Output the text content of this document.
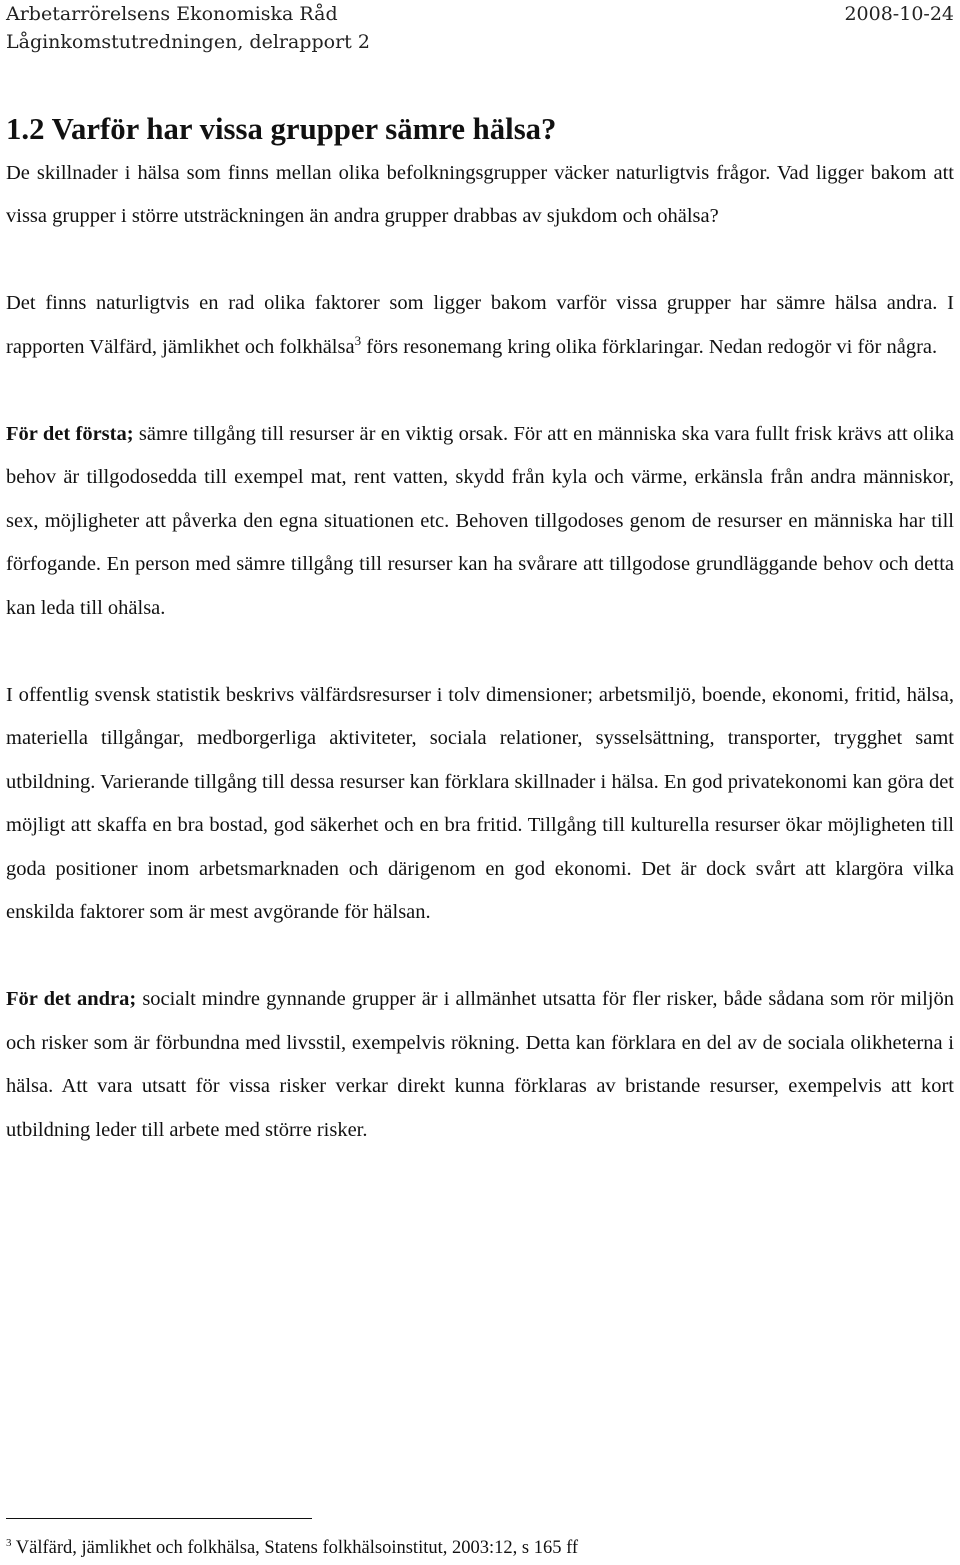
Arbetarrörelsens Ekonomiska Råd	2008-10-24
Låginkomstutredningen, delrapport 2
1.2 Varför har vissa grupper sämre hälsa?

De skillnader i hälsa som finns mellan olika befolkningsgrupper väcker naturligtvis frågor. Vad ligger bakom att vissa grupper i större utsträckningen än andra grupper drabbas av sjukdom och ohälsa?

Det finns naturligtvis en rad olika faktorer som ligger bakom varför vissa grupper har sämre hälsa andra. I rapporten Välfärd, jämlikhet och folkhälsa$^3$ förs resonemang kring olika förklaringar. Nedan redogör vi för några.

För det första; sämre tillgång till resurser är en viktig orsak. För att en människa ska vara fullt frisk krävs att olika behov är tillgodosedda till exempel mat, rent vatten, skydd från kyla och värme, erkänsla från andra människor, sex, möjligheter att påverka den egna situationen etc. Behoven tillgodoses genom de resurser en människa har till förfogande. En person med sämre tillgång till resurser kan ha svårare att tillgodose grundläggande behov och detta kan leda till ohälsa.

I offentlig svensk statistik beskrivs välfärdsresurser i tolv dimensioner; arbetsmiljö, boende, ekonomi, fritid, hälsa, materiella tillgångar, medborgerliga aktiviteter, sociala relationer, sysselsättning, transporter, trygghet samt utbildning. Varierande tillgång till dessa resurser kan förklara skillnader i hälsa. En god privatekonomi kan göra det möjligt att skaffa en bra bostad, god säkerhet och en bra fritid. Tillgång till kulturella resurser ökar möjligheten till goda positioner inom arbetsmarknaden och därigenom en god ekonomi. Det är dock svårt att klargöra vilka enskilda faktorer som är mest avgörande för hälsan.

För det andra; socialt mindre gynnande grupper är i allmänhet utsatta för fler risker, både sådana som rör miljön och risker som är förbundna med livsstil, exempelvis rökning. Detta kan förklara en del av de sociala olikheterna i hälsa. Att vara utsatt för vissa risker verkar direkt kunna förklaras av bristande resurser, exempelvis att kort utbildning leder till arbete med större risker.

$^3$ Välfärd, jämlikhet och folkhälsa, Statens folkhälsoinstitut, 2003:12, s 165 ff
